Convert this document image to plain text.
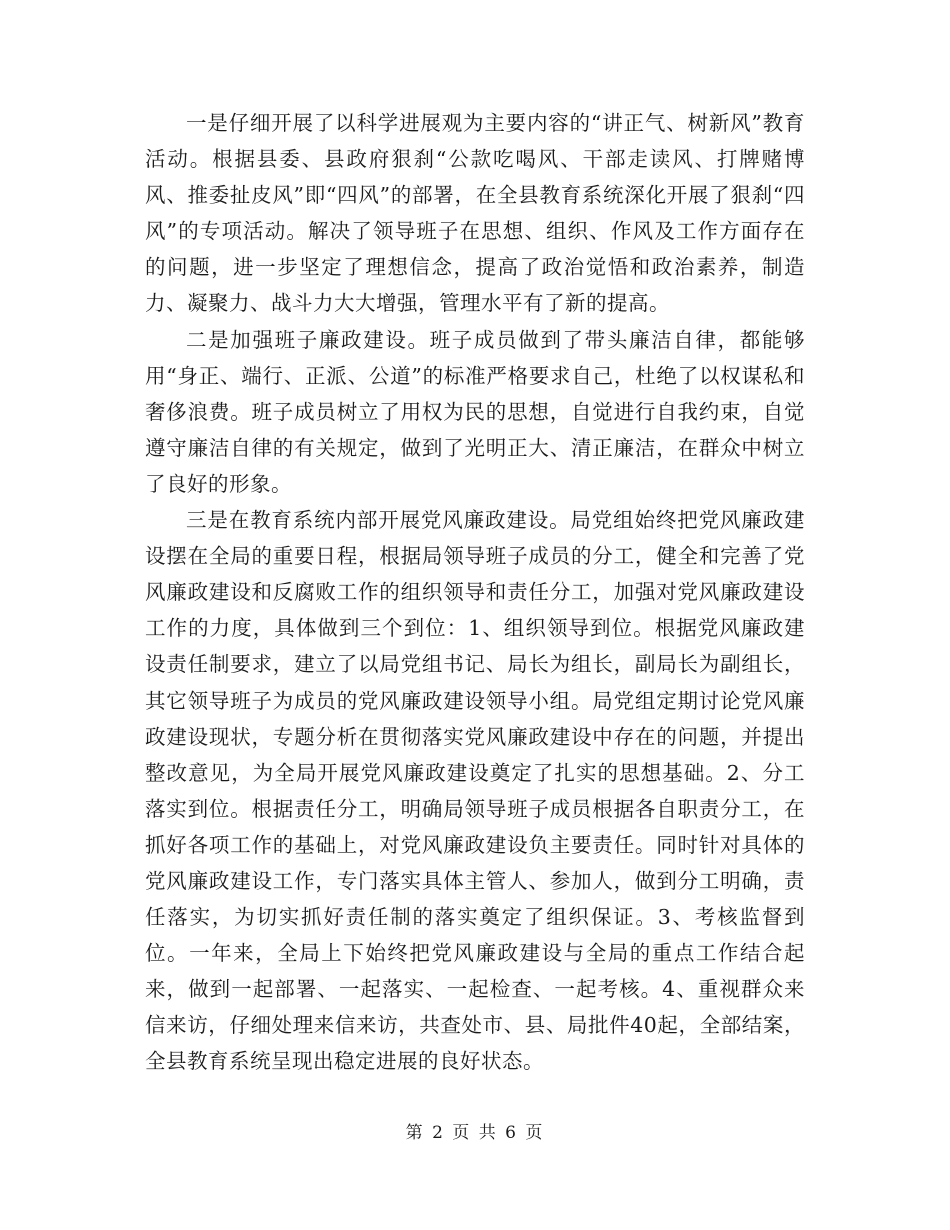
一是仔细开展了以科学进展观为主要内容的“讲正气、树新风”教育活动。根据县委、县政府狠刹“公款吃喝风、干部走读风、打牌赌博风、推委扯皮风”即“四风”的部署，在全县教育系统深化开展了狠刹“四风”的专项活动。解决了领导班子在思想、组织、作风及工作方面存在的问题，进一步坚定了理想信念，提高了政治觉悟和政治素养，制造力、凝聚力、战斗力大大增强，管理水平有了新的提高。

二是加强班子廉政建设。班子成员做到了带头廉洁自律，都能够用“身正、端行、正派、公道”的标准严格要求自己，杜绝了以权谋私和奢侈浪费。班子成员树立了用权为民的思想，自觉进行自我约束，自觉遵守廉洁自律的有关规定，做到了光明正大、清正廉洁，在群众中树立了良好的形象。

三是在教育系统内部开展党风廉政建设。局党组始终把党风廉政建设摆在全局的重要日程，根据局领导班子成员的分工，健全和完善了党风廉政建设和反腐败工作的组织领导和责任分工，加强对党风廉政建设工作的力度，具体做到三个到位：1、组织领导到位。根据党风廉政建设责任制要求，建立了以局党组书记、局长为组长，副局长为副组长，其它领导班子为成员的党风廉政建设领导小组。局党组定期讨论党风廉政建设现状，专题分析在贯彻落实党风廉政建设中存在的问题，并提出整改意见，为全局开展党风廉政建设奠定了扎实的思想基础。2、分工落实到位。根据责任分工，明确局领导班子成员根据各自职责分工，在抓好各项工作的基础上，对党风廉政建设负主要责任。同时针对具体的党风廉政建设工作，专门落实具体主管人、参加人，做到分工明确，责任落实，为切实抓好责任制的落实奠定了组织保证。3、考核监督到位。一年来，全局上下始终把党风廉政建设与全局的重点工作结合起来，做到一起部署、一起落实、一起检查、一起考核。4、重视群众来信来访，仔细处理来信来访，共查处市、县、局批件40起，全部结案，全县教育系统呈现出稳定进展的良好状态。

第 2 页 共 6 页
